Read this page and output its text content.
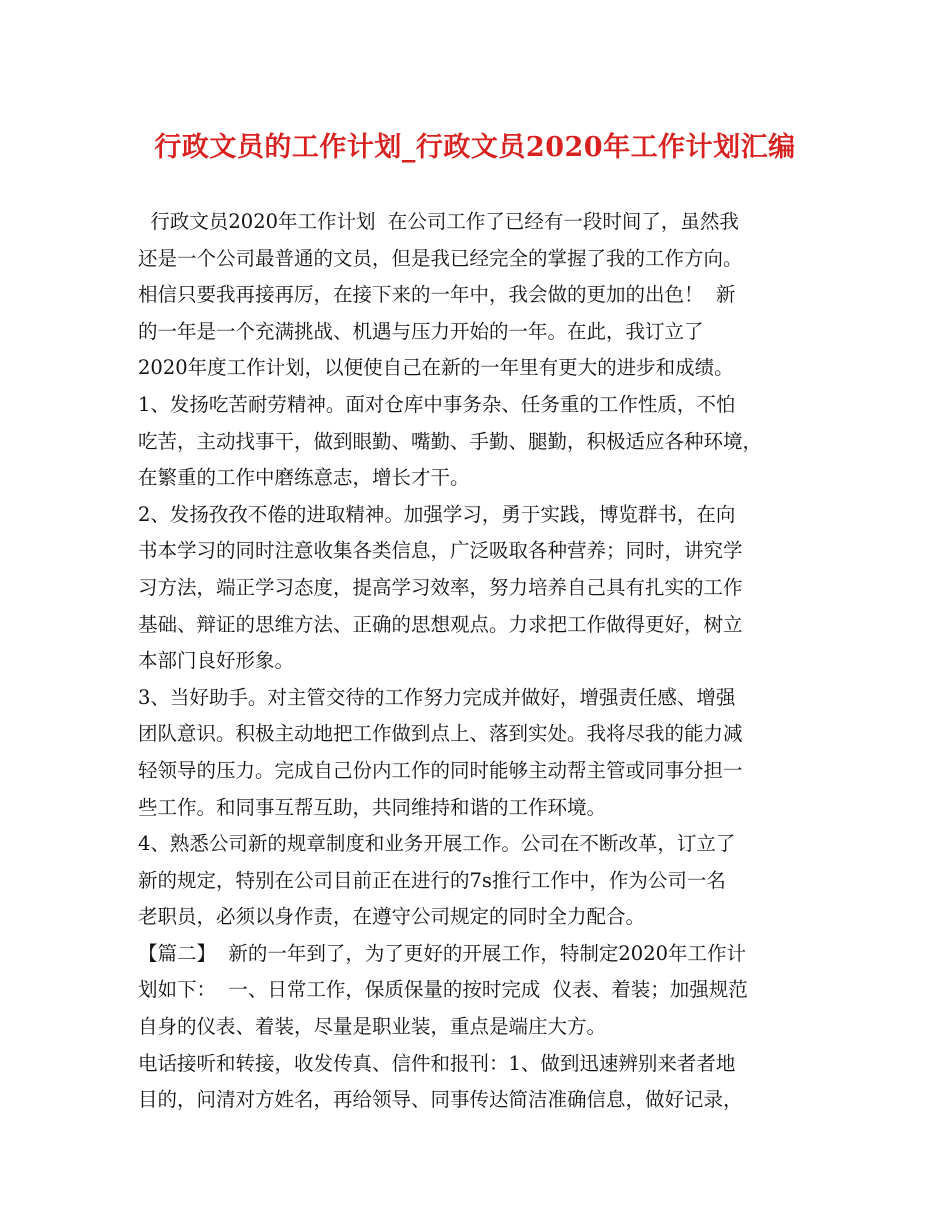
行政文员的工作计划_行政文员2020年工作计划汇编
行政文员2020年工作计划  在公司工作了已经有一段时间了，虽然我
还是一个公司最普通的文员，但是我已经完全的掌握了我的工作方向。
相信只要我再接再厉，在接下来的一年中，我会做的更加的出色！  新
的一年是一个充满挑战、机遇与压力开始的一年。在此，我订立了
2020年度工作计划，以便使自己在新的一年里有更大的进步和成绩。
1、发扬吃苦耐劳精神。面对仓库中事务杂、任务重的工作性质，不怕
吃苦，主动找事干，做到眼勤、嘴勤、手勤、腿勤，积极适应各种环境，
在繁重的工作中磨练意志，增长才干。
2、发扬孜孜不倦的进取精神。加强学习，勇于实践，博览群书，在向
书本学习的同时注意收集各类信息，广泛吸取各种营养；同时，讲究学
习方法，端正学习态度，提高学习效率，努力培养自己具有扎实的工作
基础、辩证的思维方法、正确的思想观点。力求把工作做得更好，树立
本部门良好形象。
3、当好助手。对主管交待的工作努力完成并做好，增强责任感、增强
团队意识。积极主动地把工作做到点上、落到实处。我将尽我的能力减
轻领导的压力。完成自己份内工作的同时能够主动帮主管或同事分担一
些工作。和同事互帮互助，共同维持和谐的工作环境。
4、熟悉公司新的规章制度和业务开展工作。公司在不断改革，订立了
新的规定，特别在公司目前正在进行的7s推行工作中，作为公司一名
老职员，必须以身作责，在遵守公司规定的同时全力配合。
【篇二】  新的一年到了，为了更好的开展工作，特制定2020年工作计
划如下：  一、日常工作，保质保量的按时完成  仪表、着装；加强规范
自身的仪表、着装，尽量是职业装，重点是端庄大方。
电话接听和转接，收发传真、信件和报刊：1、做到迅速辨别来者者地
目的，问清对方姓名，再给领导、同事传达简洁准确信息，做好记录，
